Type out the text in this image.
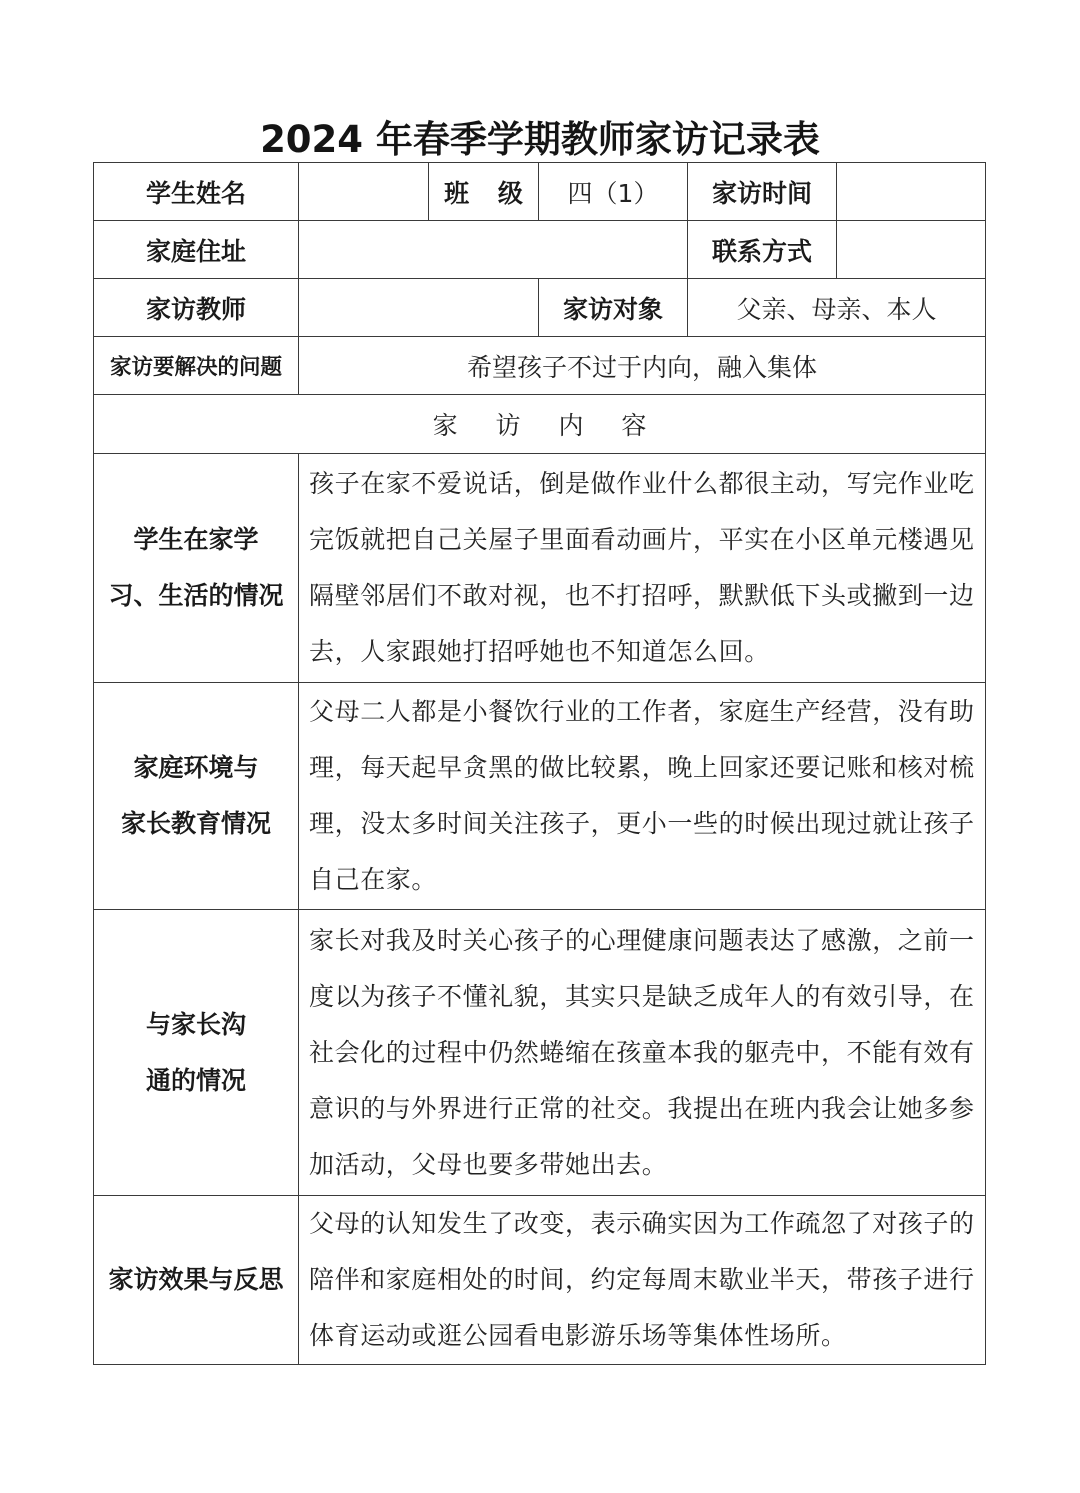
2024 年春季学期教师家访记录表
学生姓名		班 级	四（1）	家访时间	
家庭住址				联系方式	
家访教师			家访对象	父亲、母亲、本人	
家访要解决的问题	希望孩子不过于内向，融入集体				
家 访 内 容					

学生在家学
习、生活的情况	孩子在家不爱说话，倒是做作业什么都很主动，写完作业吃
完饭就把自己关屋子里面看动画片，平实在小区单元楼遇见
隔壁邻居们不敢对视，也不打招呼，默默低下头或撇到一边
去，人家跟她打招呼她也不知道怎么回。				

家庭环境与
家长教育情况	父母二人都是小餐饮行业的工作者，家庭生产经营，没有助
理，每天起早贪黑的做比较累，晚上回家还要记账和核对梳
理，没太多时间关注孩子，更小一些的时候出现过就让孩子
自己在家。				

与家长沟
通的情况	家长对我及时关心孩子的心理健康问题表达了感激，之前一
度以为孩子不懂礼貌，其实只是缺乏成年人的有效引导，在
社会化的过程中仍然蜷缩在孩童本我的躯壳中，不能有效有
意识的与外界进行正常的社交。我提出在班内我会让她多参
加活动，父母也要多带她出去。				

家访效果与反思	父母的认知发生了改变，表示确实因为工作疏忽了对孩子的
陪伴和家庭相处的时间，约定每周末歇业半天，带孩子进行
体育运动或逛公园看电影游乐场等集体性场所。				
